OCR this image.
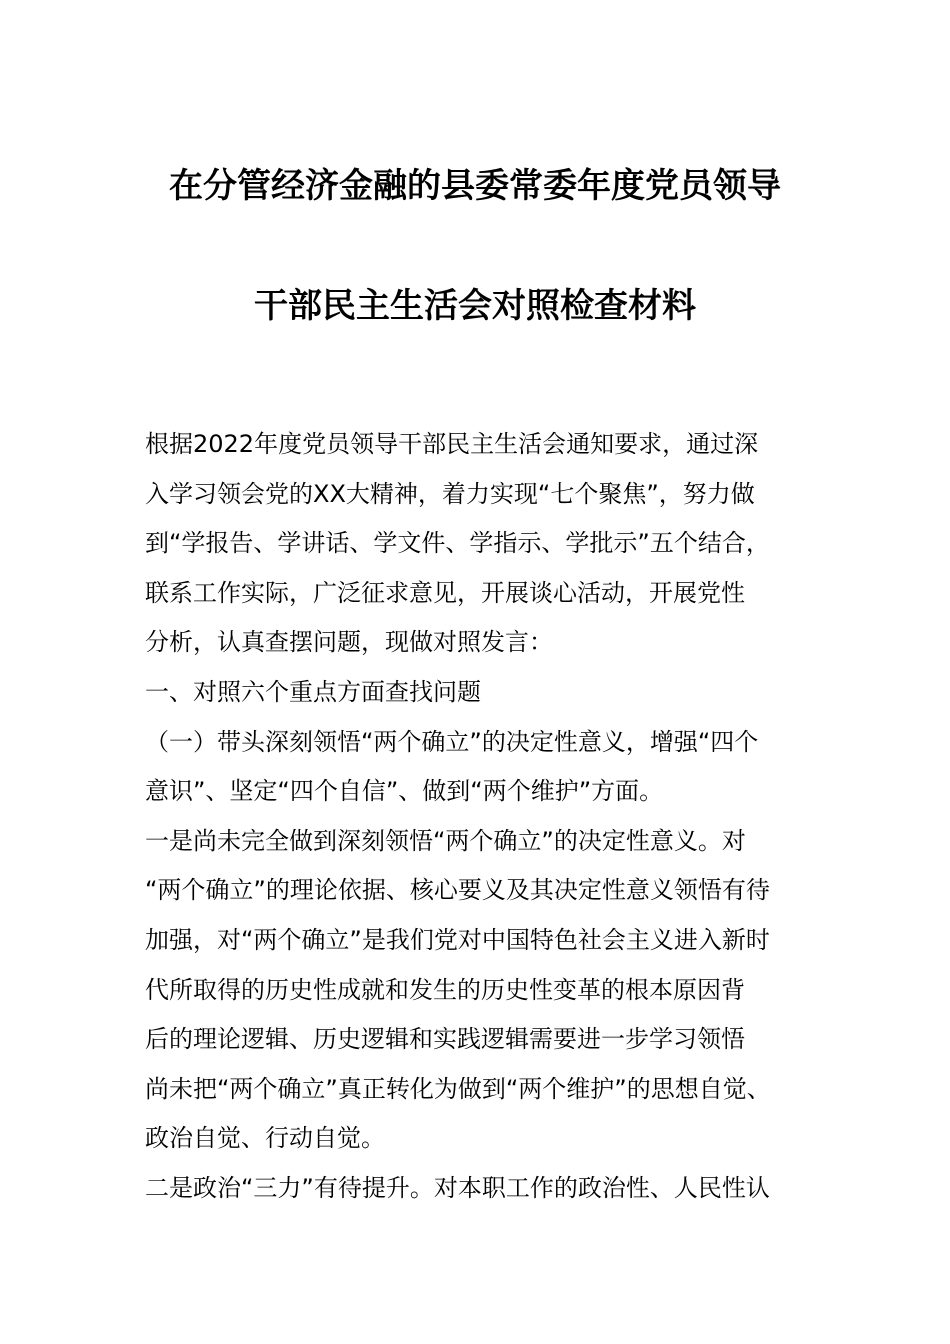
在分管经济金融的县委常委年度党员领导
干部民主生活会对照检查材料
根据2022年度党员领导干部民主生活会通知要求，通过深
入学习领会党的XX大精神，着力实现“七个聚焦”，努力做
到“学报告、学讲话、学文件、学指示、学批示”五个结合，
联系工作实际，广泛征求意见，开展谈心活动，开展党性
分析，认真查摆问题，现做对照发言：
一、对照六个重点方面查找问题
（一）带头深刻领悟“两个确立”的决定性意义，增强“四个
意识”、坚定“四个自信”、做到“两个维护”方面。
一是尚未完全做到深刻领悟“两个确立”的决定性意义。对
“两个确立”的理论依据、核心要义及其决定性意义领悟有待
加强，对“两个确立”是我们党对中国特色社会主义进入新时
代所取得的历史性成就和发生的历史性变革的根本原因背
后的理论逻辑、历史逻辑和实践逻辑需要进一步学习领悟
尚未把“两个确立”真正转化为做到“两个维护”的思想自觉、
政治自觉、行动自觉。
二是政治“三力”有待提升。对本职工作的政治性、人民性认
